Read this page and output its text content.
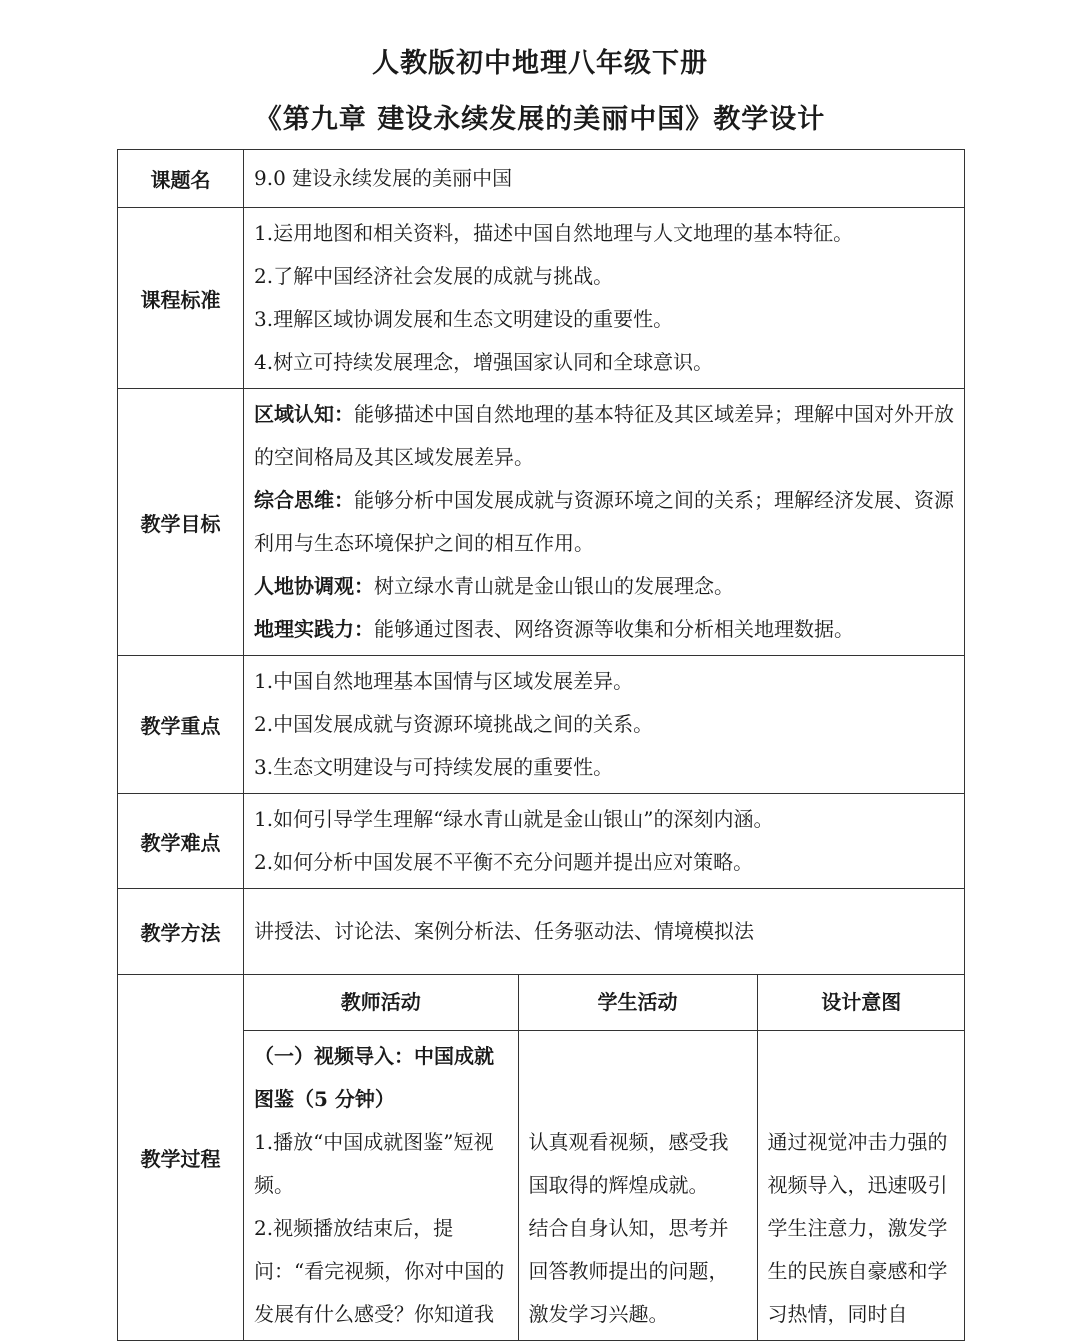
人教版初中地理八年级下册
《第九章 建设永续发展的美丽中国》教学设计
课题名	9.0 建设永续发展的美丽中国

课程标准	
1.运用地图和相关资料，描述中国自然地理与人文地理的基本特征。
2.了解中国经济社会发展的成就与挑战。
3.理解区域协调发展和生态文明建设的重要性。
4.树立可持续发展理念，增强国家认同和全球意识。

教学目标	
区域认知：能够描述中国自然地理的基本特征及其区域差异；理解中国对外开放的空间格局及其区域发展差异。
综合思维：能够分析中国发展成就与资源环境之间的关系；理解经济发展、资源利用与生态环境保护之间的相互作用。
人地协调观：树立绿水青山就是金山银山的发展理念。
地理实践力：能够通过图表、网络资源等收集和分析相关地理数据。

教学重点	
1.中国自然地理基本国情与区域发展差异。
2.中国发展成就与资源环境挑战之间的关系。
3.生态文明建设与可持续发展的重要性。

教学难点	
1.如何引导学生理解“绿水青山就是金山银山”的深刻内涵。
2.如何分析中国发展不平衡不充分问题并提出应对策略。

教学方法	讲授法、讨论法、案例分析法、任务驱动法、情境模拟法

教学过程	
教师活动	学生活动	设计意图

（一）视频导入：中国成就图鉴（5 分钟）
1.播放“中国成就图鉴”短视频。
2.视频播放结束后，提问：“看完视频，你对中国的发展有什么感受？你知道我

认真观看视频，感受我国取得的辉煌成就。
结合自身认知，思考并回答教师提出的问题，激发学习兴趣。

通过视觉冲击力强的视频导入，迅速吸引学生注意力，激发学生的民族自豪感和学习热情，同时自
